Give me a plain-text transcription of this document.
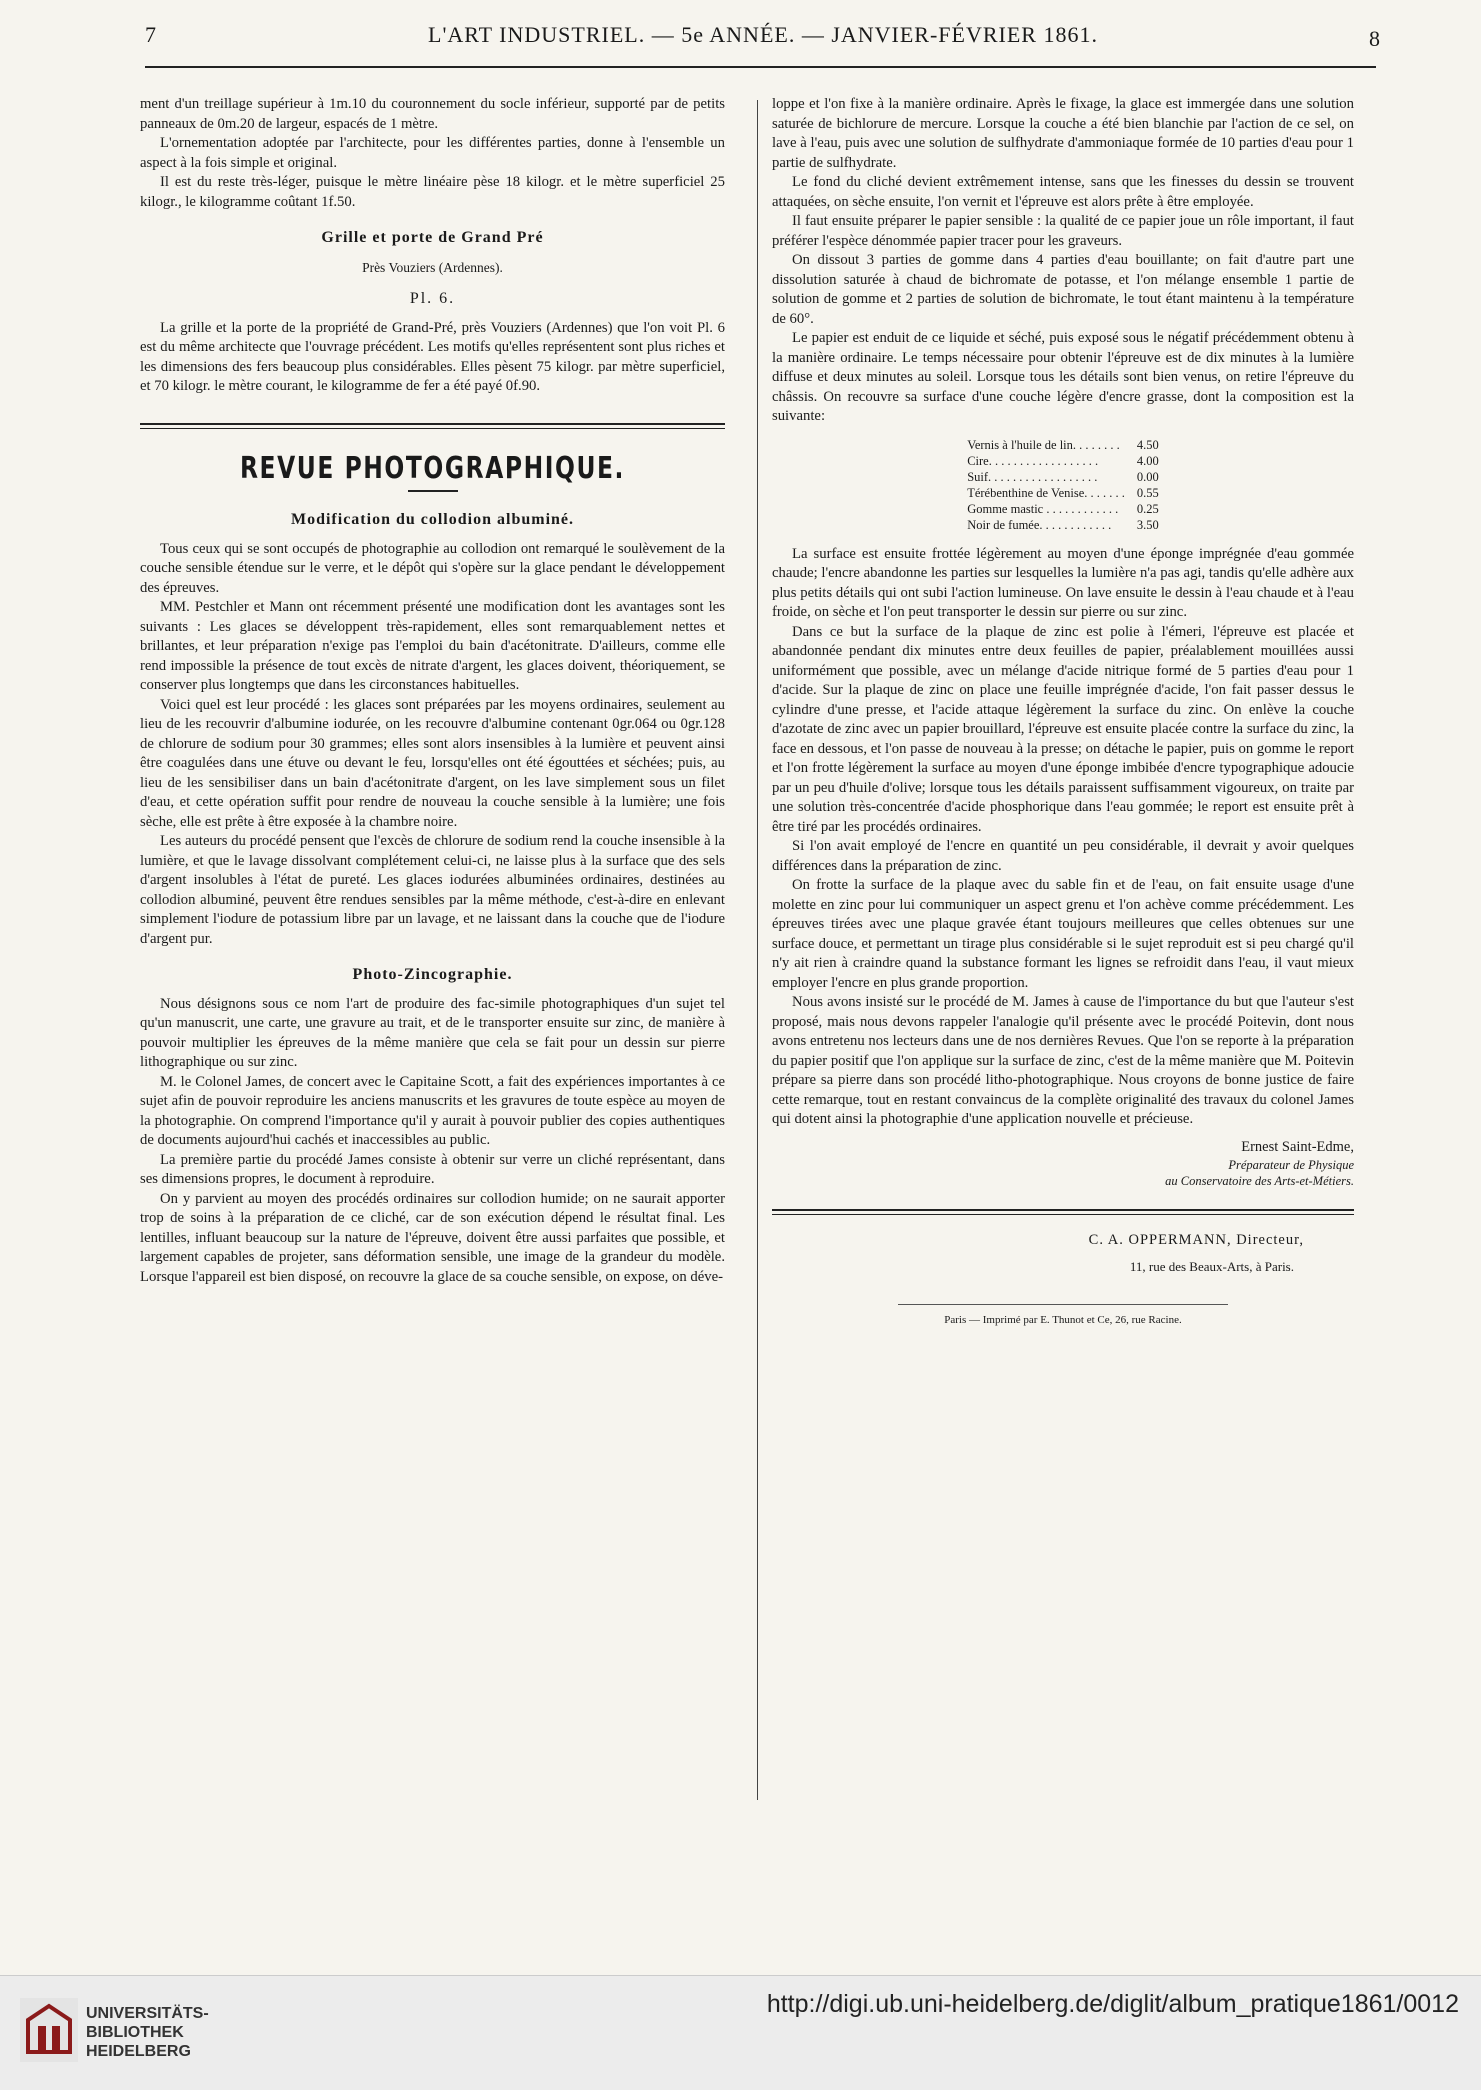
7	L'ART INDUSTRIEL. — 5e ANNÉE. — JANVIER-FÉVRIER 1861.	8

ment d'un treillage supérieur à 1m.10 du couronnement du socle inférieur, supporté par de petits panneaux de 0m.20 de largeur, espacés de 1 mètre.

L'ornementation adoptée par l'architecte, pour les différentes parties, donne à l'ensemble un aspect à la fois simple et original.

Il est du reste très-léger, puisque le mètre linéaire pèse 18 kilogr. et le mètre superficiel 25 kilogr., le kilogramme coûtant 1f.50.

Grille et porte de Grand Pré
Près Vouziers (Ardennes).
Pl. 6.

La grille et la porte de la propriété de Grand-Pré, près Vouziers (Ardennes) que l'on voit Pl. 6 est du même architecte que l'ouvrage précédent. Les motifs qu'elles représentent sont plus riches et les dimensions des fers beaucoup plus considérables. Elles pèsent 75 kilogr. par mètre superficiel, et 70 kilogr. le mètre courant, le kilogramme de fer a été payé 0f.90.

REVUE PHOTOGRAPHIQUE.
Modification du collodion albuminé.

Tous ceux qui se sont occupés de photographie au collodion ont remarqué le soulèvement de la couche sensible étendue sur le verre, et le dépôt qui s'opère sur la glace pendant le développement des épreuves.

MM. Pestchler et Mann ont récemment présenté une modification dont les avantages sont les suivants : Les glaces se développent très-rapidement, elles sont remarquablement nettes et brillantes, et leur préparation n'exige pas l'emploi du bain d'acétonitrate. D'ailleurs, comme elle rend impossible la présence de tout excès de nitrate d'argent, les glaces doivent, théoriquement, se conserver plus longtemps que dans les circonstances habituelles.

Voici quel est leur procédé : les glaces sont préparées par les moyens ordinaires, seulement au lieu de les recouvrir d'albumine iodurée, on les recouvre d'albumine contenant 0gr.064 ou 0gr.128 de chlorure de sodium pour 30 grammes; elles sont alors insensibles à la lumière et peuvent ainsi être coagulées dans une étuve ou devant le feu, lorsqu'elles ont été égouttées et séchées; puis, au lieu de les sensibiliser dans un bain d'acétonitrate d'argent, on les lave simplement sous un filet d'eau, et cette opération suffit pour rendre de nouveau la couche sensible à la lumière; une fois sèche, elle est prête à être exposée à la chambre noire.

Les auteurs du procédé pensent que l'excès de chlorure de sodium rend la couche insensible à la lumière, et que le lavage dissolvant complétement celui-ci, ne laisse plus à la surface que des sels d'argent insolubles à l'état de pureté. Les glaces iodurées albuminées ordinaires, destinées au collodion albuminé, peuvent être rendues sensibles par la même méthode, c'est-à-dire en enlevant simplement l'iodure de potassium libre par un lavage, et ne laissant dans la couche que de l'iodure d'argent pur.

Photo-Zincographie.

Nous désignons sous ce nom l'art de produire des fac-simile photographiques d'un sujet tel qu'un manuscrit, une carte, une gravure au trait, et de le transporter ensuite sur zinc, de manière à pouvoir multiplier les épreuves de la même manière que cela se fait pour un dessin sur pierre lithographique ou sur zinc.

M. le Colonel James, de concert avec le Capitaine Scott, a fait des expériences importantes à ce sujet afin de pouvoir reproduire les anciens manuscrits et les gravures de toute espèce au moyen de la photographie. On comprend l'importance qu'il y aurait à pouvoir publier des copies authentiques de documents aujourd'hui cachés et inaccessibles au public.

La première partie du procédé James consiste à obtenir sur verre un cliché représentant, dans ses dimensions propres, le document à reproduire.

On y parvient au moyen des procédés ordinaires sur collodion humide; on ne saurait apporter trop de soins à la préparation de ce cliché, car de son exécution dépend le résultat final. Les lentilles, influant beaucoup sur la nature de l'épreuve, doivent être aussi parfaites que possible, et largement capables de projeter, sans déformation sensible, une image de la grandeur du modèle. Lorsque l'appareil est bien disposé, on recouvre la glace de sa couche sensible, on expose, on déve-

loppe et l'on fixe à la manière ordinaire. Après le fixage, la glace est immergée dans une solution saturée de bichlorure de mercure. Lorsque la couche a été bien blanchie par l'action de ce sel, on lave à l'eau, puis avec une solution de sulfhydrate d'ammoniaque formée de 10 parties d'eau pour 1 partie de sulfhydrate.

Le fond du cliché devient extrêmement intense, sans que les finesses du dessin se trouvent attaquées, on sèche ensuite, l'on vernit et l'épreuve est alors prête à être employée.

Il faut ensuite préparer le papier sensible : la qualité de ce papier joue un rôle important, il faut préférer l'espèce dénommée papier tracer pour les graveurs.

On dissout 3 parties de gomme dans 4 parties d'eau bouillante; on fait d'autre part une dissolution saturée à chaud de bichromate de potasse, et l'on mélange ensemble 1 partie de solution de gomme et 2 parties de solution de bichromate, le tout étant maintenu à la température de 60°.

Le papier est enduit de ce liquide et séché, puis exposé sous le négatif précédemment obtenu à la manière ordinaire. Le temps nécessaire pour obtenir l'épreuve est de dix minutes à la lumière diffuse et deux minutes au soleil. Lorsque tous les détails sont bien venus, on retire l'épreuve du châssis. On recouvre sa surface d'une couche légère d'encre grasse, dont la composition est la suivante:

Vernis à l'huile de lin. . . . . . . .	4.50
Cire. . . . . . . . . . . . . . . . . .	4.00
Suif. . . . . . . . . . . . . . . . . .	0.00
Térébenthine de Venise. . . . . . .	0.55
Gomme mastic . . . . . . . . . . . .	0.25
Noir de fumée. . . . . . . . . . . .	3.50

La surface est ensuite frottée légèrement au moyen d'une éponge imprégnée d'eau gommée chaude; l'encre abandonne les parties sur lesquelles la lumière n'a pas agi, tandis qu'elle adhère aux plus petits détails qui ont subi l'action lumineuse. On lave ensuite le dessin à l'eau chaude et à l'eau froide, on sèche et l'on peut transporter le dessin sur pierre ou sur zinc.

Dans ce but la surface de la plaque de zinc est polie à l'émeri, l'épreuve est placée et abandonnée pendant dix minutes entre deux feuilles de papier, préalablement mouillées aussi uniformément que possible, avec un mélange d'acide nitrique formé de 5 parties d'eau pour 1 d'acide. Sur la plaque de zinc on place une feuille imprégnée d'acide, l'on fait passer dessus le cylindre d'une presse, et l'acide attaque légèrement la surface du zinc. On enlève la couche d'azotate de zinc avec un papier brouillard, l'épreuve est ensuite placée contre la surface du zinc, la face en dessous, et l'on passe de nouveau à la presse; on détache le papier, puis on gomme le report et l'on frotte légèrement la surface au moyen d'une éponge imbibée d'encre typographique adoucie par un peu d'huile d'olive; lorsque tous les détails paraissent suffisamment vigoureux, on traite par une solution très-concentrée d'acide phosphorique dans l'eau gommée; le report est ensuite prêt à être tiré par les procédés ordinaires.

Si l'on avait employé de l'encre en quantité un peu considérable, il devrait y avoir quelques différences dans la préparation de zinc.

On frotte la surface de la plaque avec du sable fin et de l'eau, on fait ensuite usage d'une molette en zinc pour lui communiquer un aspect grenu et l'on achève comme précédemment. Les épreuves tirées avec une plaque gravée étant toujours meilleures que celles obtenues sur une surface douce, et permettant un tirage plus considérable si le sujet reproduit est si peu chargé qu'il n'y ait rien à craindre quand la substance formant les lignes se refroidit dans l'eau, il vaut mieux employer l'encre en plus grande proportion.

Nous avons insisté sur le procédé de M. James à cause de l'importance du but que l'auteur s'est proposé, mais nous devons rappeler l'analogie qu'il présente avec le procédé Poitevin, dont nous avons entretenu nos lecteurs dans une de nos dernières Revues. Que l'on se reporte à la préparation du papier positif que l'on applique sur la surface de zinc, c'est de la même manière que M. Poitevin prépare sa pierre dans son procédé litho-photographique. Nous croyons de bonne justice de faire cette remarque, tout en restant convaincus de la complète originalité des travaux du colonel James qui dotent ainsi la photographie d'une application nouvelle et précieuse.

Ernest Saint-Edme,
Préparateur de Physique
au Conservatoire des Arts-et-Métiers.
C. A. OPPERMANN, Directeur,
11, rue des Beaux-Arts, à Paris.
Paris — Imprimé par E. Thunot et Ce, 26, rue Racine.
UNIVERSITÄTS-
BIBLIOTHEK
HEIDELBERG
http://digi.ub.uni-heidelberg.de/diglit/album_pratique1861/0012
